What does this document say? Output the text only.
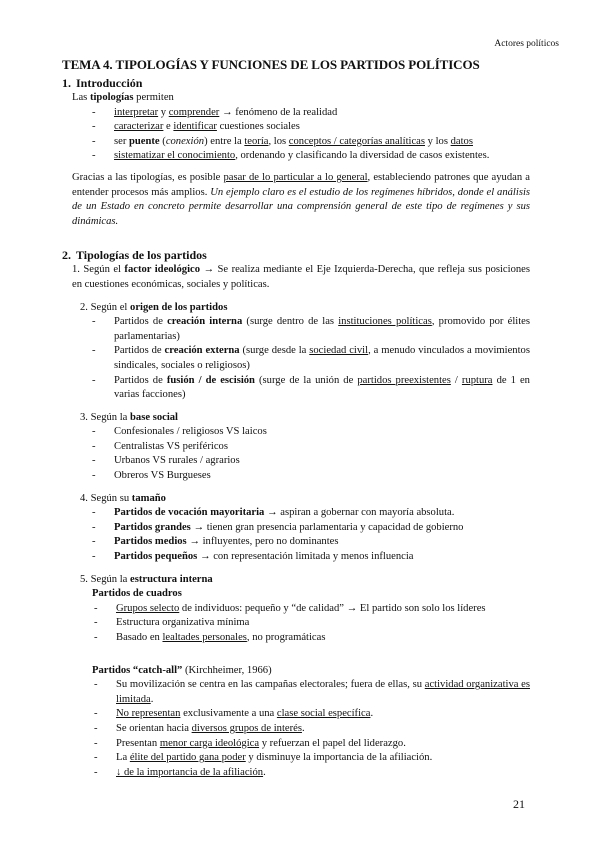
Actores políticos
TEMA 4. TIPOLOGÍAS Y FUNCIONES DE LOS PARTIDOS POLÍTICOS
1. Introducción

Las tipologías permiten

- interpretar y comprender → fenómeno de la realidad
- caracterizar e identificar cuestiones sociales
- ser puente (conexión) entre la teoría, los conceptos / categorías analíticas y los datos
- sistematizar el conocimiento, ordenando y clasificando la diversidad de casos existentes.

Gracias a las tipologías, es posible pasar de lo particular a lo general, estableciendo patrones que ayudan a entender procesos más amplios. Un ejemplo claro es el estudio de los regímenes híbridos, donde el análisis de un Estado en concreto permite desarrollar una comprensión general de este tipo de regímenes y sus dinámicas.

2. Tipologías de los partidos

1. Según el factor ideológico → Se realiza mediante el Eje Izquierda-Derecha, que refleja sus posiciones en cuestiones económicas, sociales y políticas.

2. Según el origen de los partidos

- Partidos de creación interna (surge dentro de las instituciones políticas, promovido por élites parlamentarias)
- Partidos de creación externa (surge desde la sociedad civil, a menudo vinculados a movimientos sindicales, sociales o religiosos)
- Partidos de fusión / de escisión (surge de la unión de partidos preexistentes / ruptura de 1 en varias facciones)

3. Según la base social

- Confesionales / religiosos VS laicos
- Centralistas VS periféricos
- Urbanos VS rurales / agrarios
- Obreros VS Burgueses

4. Según su tamaño

- Partidos de vocación mayoritaria → aspiran a gobernar con mayoría absoluta.
- Partidos grandes → tienen gran presencia parlamentaria y capacidad de gobierno
- Partidos medios → influyentes, pero no dominantes
- Partidos pequeños → con representación limitada y menos influencia

5. Según la estructura interna

Partidos de cuadros

- Grupos selecto de individuos: pequeño y “de calidad” → El partido son solo los líderes
- Estructura organizativa mínima
- Basado en lealtades personales, no programáticas

Partidos “catch-all” (Kirchheimer, 1966)

- Su movilización se centra en las campañas electorales; fuera de ellas, su actividad organizativa es limitada.
- No representan exclusivamente a una clase social específica.
- Se orientan hacia diversos grupos de interés.
- Presentan menor carga ideológica y refuerzan el papel del liderazgo.
- La élite del partido gana poder y disminuye la importancia de la afiliación.
- ↓ de la importancia de la afiliación.
21
